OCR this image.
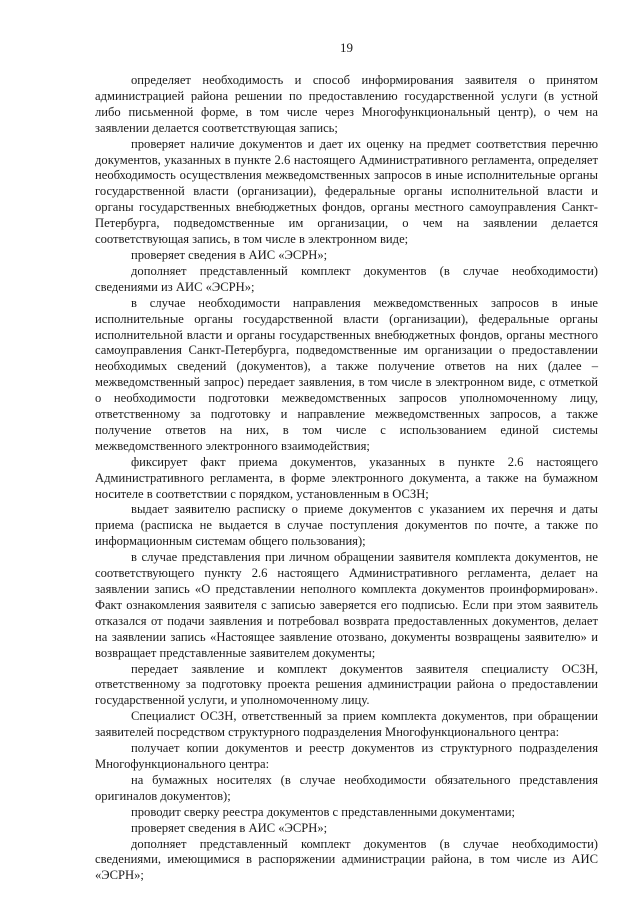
19

определяет необходимость и способ информирования заявителя о принятом администрацией района решении по предоставлению государственной услуги (в устной либо письменной форме, в том числе через Многофункциональный центр), о чем на заявлении делается соответствующая запись;

проверяет наличие документов и дает их оценку на предмет соответствия перечню документов, указанных в пункте 2.6 настоящего Административного регламента, определяет необходимость осуществления межведомственных запросов в иные исполнительные органы государственной власти (организации), федеральные органы исполнительной власти и органы государственных внебюджетных фондов, органы местного самоуправления Санкт-Петербурга, подведомственные им организации, о чем на заявлении делается соответствующая запись, в том числе в электронном виде;

проверяет сведения в АИС «ЭСРН»;

дополняет представленный комплект документов (в случае необходимости) сведениями из АИС «ЭСРН»;

в случае необходимости направления межведомственных запросов в иные исполнительные органы государственной власти (организации), федеральные органы исполнительной власти и органы государственных внебюджетных фондов, органы местного самоуправления Санкт-Петербурга, подведомственные им организации о предоставлении необходимых сведений (документов), а также получение ответов на них (далее – межведомственный запрос) передает заявления, в том числе в электронном виде, с отметкой о необходимости подготовки межведомственных запросов уполномоченному лицу, ответственному за подготовку и направление межведомственных запросов, а также получение ответов на них, в том числе с использованием единой системы межведомственного электронного взаимодействия;

фиксирует факт приема документов, указанных в пункте 2.6 настоящего Административного регламента, в форме электронного документа, а также на бумажном носителе в соответствии с порядком, установленным в ОСЗН;

выдает заявителю расписку о приеме документов с указанием их перечня и даты приема (расписка не выдается в случае поступления документов по почте, а также по информационным системам общего пользования);

в случае представления при личном обращении заявителя комплекта документов, не соответствующего пункту 2.6 настоящего Административного регламента, делает на заявлении запись «О представлении неполного комплекта документов проинформирован». Факт ознакомления заявителя с записью заверяется его подписью. Если при этом заявитель отказался от подачи заявления и потребовал возврата предоставленных документов, делает на заявлении запись «Настоящее заявление отозвано, документы возвращены заявителю» и возвращает представленные заявителем документы;

передает заявление и комплект документов заявителя специалисту ОСЗН, ответственному за подготовку проекта решения администрации района о предоставлении государственной услуги, и уполномоченному лицу.

Специалист ОСЗН, ответственный за прием комплекта документов, при обращении заявителей посредством структурного подразделения Многофункционального центра:

получает копии документов и реестр документов из структурного подразделения Многофункционального центра:

на бумажных носителях (в случае необходимости обязательного представления оригиналов документов);

проводит сверку реестра документов с представленными документами;

проверяет сведения в АИС «ЭСРН»;

дополняет представленный комплект документов (в случае необходимости) сведениями, имеющимися в распоряжении администрации района, в том числе из АИС «ЭСРН»;
